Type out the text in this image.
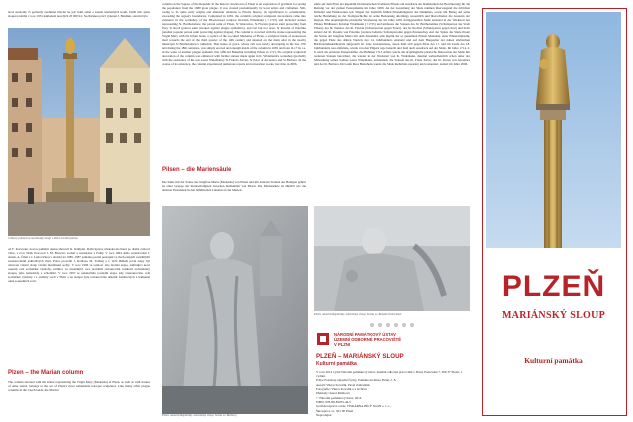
nové ikonomy či gotlandy zarděnné hlavně na její čelní stěně a kolem kamenných koulí. Další tělo spisu sloupu probíhá v roce 1931 nákladem necelých 20 000 Kč. Sochařskou práci vykonal J. Beníšek, stavení bylo

Celkový pohled na mariánský sloup v Plzni od Zbrojnicka.

od F. Kočovatě, novou pamětní desku zhotovil K. Kámpiel. Další úprava následovala hned po druhé světové válce, v roce 1946. Pracoval J. M. Blowart, sochař a restaurátor z Prahy. V roce 1964 došlo restaurování J. Antek, A. Čihal a J. Laštovičkou v období let 1985–1987 pamatka prošla postupně ve třech etapách rozsáhlými restaurováním jednotlivých částí. Práce provedli J. Koblasa, M. Tomšej a J. Volf. Během první etapy byl obnoven vlastní sloup včetně mariánské sochy. V roce 1996 se sošnosť této drobná etapa, zahrnující nové osazení celé sochařské výzdoby, zatímco ve následující roce proběhla restaurování velikosti architektury sloupu, jeho balustrády a schodiště. V roce 1997 se uskutečnila poslední etapa, kdy zrestaurováno celé sochařské výzdoby i s atributy soch v Plzni a na sloupu byla restaurována několik fontánových a kamenné okna sousedních soch.

Plzen – the Marian column

The column adorned with the statue representing the Virgin Mary (Madonna) of Plzen, as well as with statues of other saints, belongs to the set of Plzen's most remarkable baroque sculptures. Like many other plague columns in the Czech lands, the Marian

column on the Square of the Republic in the historic downtown of Plzen is an expression of gratitude for saving the population from the 1680 great plague. It was created predominantly by local artists and craftsmen. Still, owing to its quite early origins and abundant relations to Plzen's history, its significance is considerable, exceeding the region's boundaries. Completed in 1681, the column's original sculptural decorations came into existence in the workshop of the Pilsen-based sculptor Kristian Widemann (†1725) and included statues representing St. Bartholomew, the patron saint of Plzen, St Wenceslas, St Florian (patron saint protecting from fire), St Roch (patron saint invoked against plague epidemics), and last but not least, St Rosalia of Palermo (another popular patron saint protecting against plague). The column is crowned with the statue representing the Virgin Mary with the Infant Jesus, a replica of the so-called Madonna of Plzen, a sculpture made of arenaceous marl towards the end of the third quarter of the 14th century and situated on the main altar in the nearby municipal St Bartholomew's cathedral. That statue of grace, whose cult was newly developing in the late 17th and during the 18th centuries, was simply erected and enough inside of the column in 1681 and later in 1714, i.e. in the wake of another plague epidemic that afflicted Bohemia including Pilsen in 1713, the original sculptural decoration of the column was enhanced with further statues made again in K. Widemann's workshop (probably with the assistance of his son Lazar Widemann): St Francis Xavier, St Peter of Alcantara and St Barbara. In the course of its existence, the column experienced numerous repairs and restoration works, last time in 2006.

Pilsen – die Mariensäule

Die Säule mit der Statue der Jungfrau Maria (Madonna) von Pilsen und mit anderen Statuen der Heiligen gehört zu einer Gruppe der merkwürdigsten barocken Denkmäler von Pilsen. Die Mariensäule ist ähnlich wie die anderen Pestsäulen in den böhmischen Ländern an der Marien-

Plzeň, náměstí Republiky, mariánský sloup. Socha sv. Barbory.

säule auf dem Platz der Republik im historischen Stadtkern Pilsens ein Ausdruck der Dankbarkeit der Bevölkerung für die Rettung vor der großen Pestepidemie im Jahre 1680. An der Gestaltung der Säule nahmen überwiegend die örtlichen Künstler und Handwerker teil. Wegen der ziemlich frühen Entstehungszeit des Denkmals, sowie mit Bezug auf seine reiche Beziehung zu der Stadtgeschichte ist seine Bedeutung allerdings wesentlich und überschreitet die Grenzen der Region. Die ursprüngliche plastische Verzierung der im Jahre 1681 fertiggestellten Säule entstand in der Werkstatt des Pilsner Bildhauers Kristian Widemann (†1725) und umfasste die Statuen des hl. Bartholomäus (Schutzpatron der Stadt Pilsen), des hl. Wenzel, des hl. Florian (Schutzpatron gegen Feuer), des hl. Rochus (Schutzpatron gegen Pest) und nicht zuletzt der hl. Rosalia von Palermo (weitere beliebte Schutzpatronin gegen Pestseuche). Auf der Spitze der Säule thront die Statue der Jungfrau Maria mit dem Jesuskind, eine Replik der so genannten Pilsner Madonna, einer Pläneraltplastik, die gegen Ende des dritten Viertels des 14. Jahrhunderts entstand und auf dem Hauptaltar der nahen städtischen Bartholomäuskathedrale aufgestellt ist. Jene Gnadenstatue, deren Kult sich gegen Ende des 17. und im Laufe des 18. Jahrhunderts neu entfaltete, wurde von den Pilgern rege besucht und fand auch Ausdruck auf der Säule. Im Jahre 1714, d. h. nach der erneuten Pestepidemie, die Böhmen 1713 erfuhr, wurde die ursprüngliche plastische Dekoration der Säule mit weiteren Statuen bereichert, die wieder in der Werkstatt von K. Widemann, diesmal wahrscheinlich schon unter der Mitwirkung seines Sohnes Lazar Widemann, entstanden: die Statuen des hl. Franz Xaver, des hl. Petrus von Alcantara und der hl. Barbara. Im Laufe ihres Bestehens wurde die Säule mehrmals repariert und restauriert, zuletzt im Jahre 2006.

Plzeň, náměstí Republiky, mariánský sloup. Socha sv. Rozálie Palermské.

NÁRODNÍ PAMÁTKOVÝ ÚSTAV
ÚZEMNÍ ODBORNÉ PRACOVIŠTĚ
V PLZNI
PLZEŇ – MARIÁNSKÝ SLOUP
Kulturní památka
V roce 2014 vydal Národní památkový ústav, územní odborné pracoviště v Plzni, Prešovská 7, 306 37 Plzeň, 1. vydání.
Edice Poznávej západní Čechy, Pamatkové místa Plzně, č. 8.
Autoři: Viktor Kovařík, Pavel Zahradník
Fotografie: Viktor Kovařík a z archivu
Překlady: Karel Mašková
© Národní památkový ústav, 2014
ISBN: 978-80-85035-44-5
Grafická úprava a tisk: TISKÁRNA BÍLÝ SLON s. r. o.,
Škroupova 11, 301 00 Plzeň
Neprodejné
PLZEŇ
MARIÁNSKÝ SLOUP
Kulturní památka
